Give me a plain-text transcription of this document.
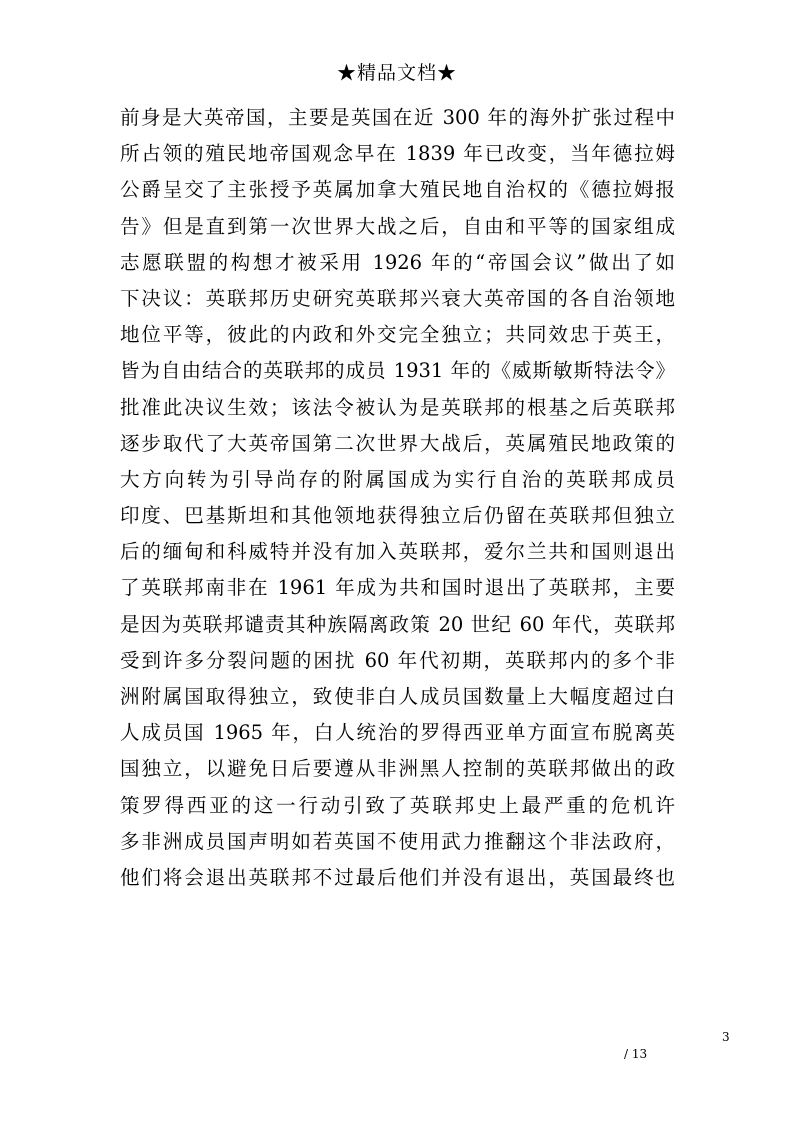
★精品文档★
前身是大英帝国，主要是英国在近 300 年的海外扩张过程中
所占领的殖民地帝国观念早在 1839 年已改变，当年德拉姆
公爵呈交了主张授予英属加拿大殖民地自治权的《德拉姆报
告》但是直到第一次世界大战之后，自由和平等的国家组成
志愿联盟的构想才被采用 1926 年的“帝国会议”做出了如
下决议：英联邦历史研究英联邦兴衰大英帝国的各自治领地
地位平等，彼此的内政和外交完全独立；共同效忠于英王，
皆为自由结合的英联邦的成员 1931 年的《威斯敏斯特法令》
批准此决议生效；该法令被认为是英联邦的根基之后英联邦
逐步取代了大英帝国第二次世界大战后，英属殖民地政策的
大方向转为引导尚存的附属国成为实行自治的英联邦成员
印度、巴基斯坦和其他领地获得独立后仍留在英联邦但独立
后的缅甸和科威特并没有加入英联邦，爱尔兰共和国则退出
了英联邦南非在 1961 年成为共和国时退出了英联邦，主要
是因为英联邦谴责其种族隔离政策 20 世纪 60 年代，英联邦
受到许多分裂问题的困扰 60 年代初期，英联邦内的多个非
洲附属国取得独立，致使非白人成员国数量上大幅度超过白
人成员国 1965 年，白人统治的罗得西亚单方面宣布脱离英
国独立，以避免日后要遵从非洲黑人控制的英联邦做出的政
策罗得西亚的这一行动引致了英联邦史上最严重的危机许
多非洲成员国声明如若英国不使用武力推翻这个非法政府，
他们将会退出英联邦不过最后他们并没有退出，英国最终也
3
/ 13
